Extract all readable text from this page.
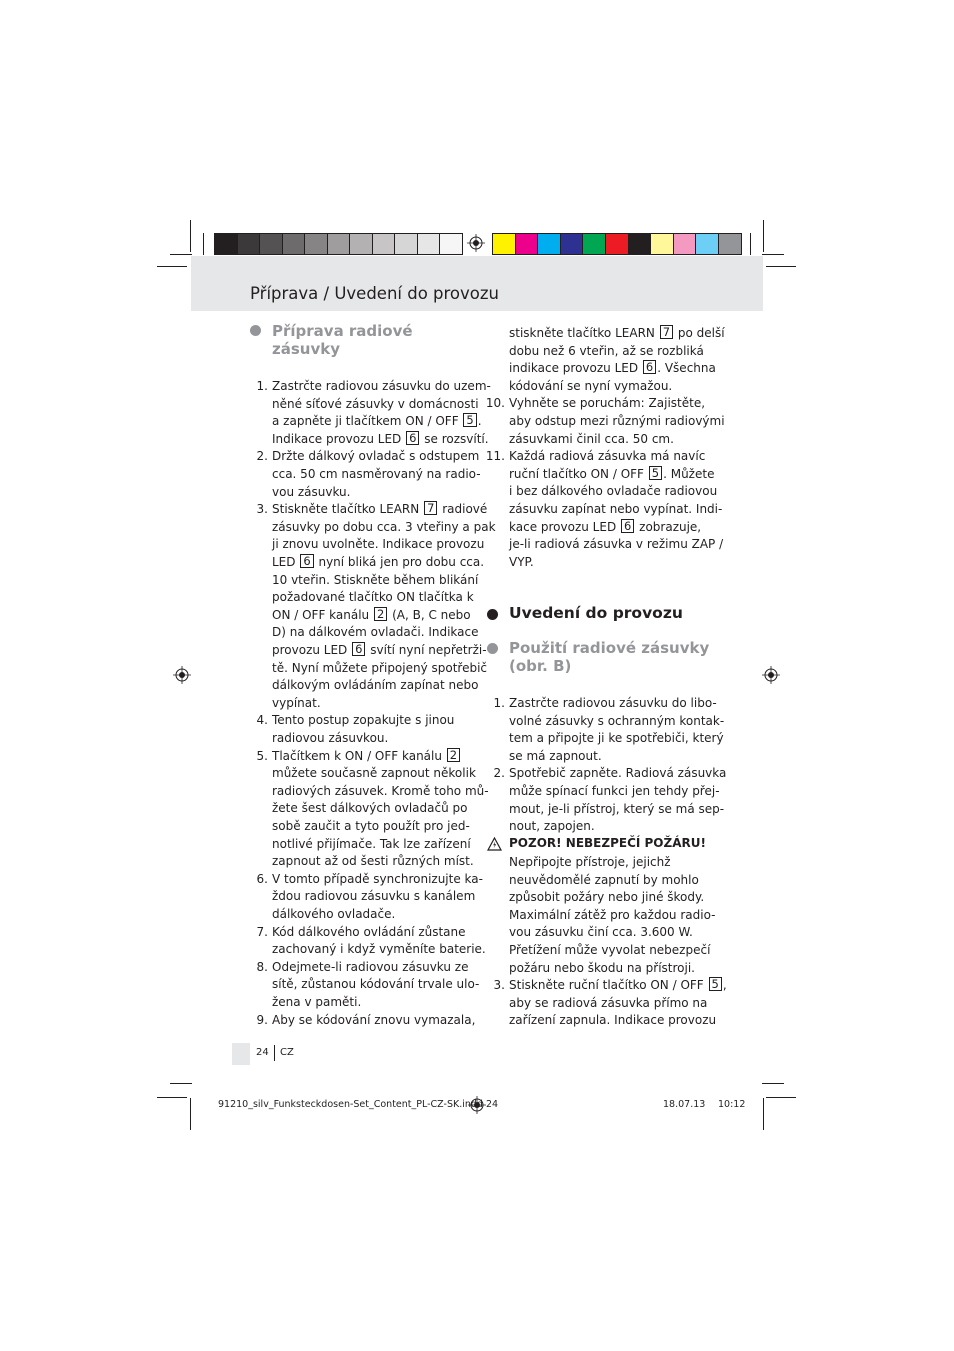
Příprava / Uvedení do provozu
Příprava radiové
zásuvky
1. Zastrčte radiovou zásuvku do uzem-
něné síťové zásuvky v domácnosti
a zapněte ji tlačítkem ON / OFF 5 .
Indikace provozu LED 6 se rozsvítí.
2. Držte dálkový ovladač s odstupem
cca. 50 cm nasměrovaný na radio-
vou zásuvku.
3. Stiskněte tlačítko LEARN 7 radiové
zásuvky po dobu cca. 3 vteřiny a pak
ji znovu uvolněte. Indikace provozu
LED 6 nyní bliká jen pro dobu cca.
10 vteřin. Stiskněte během blikání
požadované tlačítko ON tlačítka k
ON / OFF kanálu 2 (A, B, C nebo
D) na dálkovém ovladači. Indikace
provozu LED 6 svítí nyní nepřetrži-
tě. Nyní můžete připojený spotřebič
dálkovým ovládáním zapínat nebo
vypínat.
4. Tento postup zopakujte s jinou
radiovou zásuvkou.
5. Tlačítkem k ON / OFF kanálu 2
můžete současně zapnout několik
radiových zásuvek. Kromě toho mů-
žete šest dálkových ovladačů po
sobě zaučit a tyto použít pro jed-
notlivé přijímače. Tak lze zařízení
zapnout až od šesti různých míst.
6. V tomto případě synchronizujte ka-
ždou radiovou zásuvku s kanálem
dálkového ovladače.
7. Kód dálkového ovládání zůstane
zachovaný i když vyměníte baterie.
8. Odejmete-li radiovou zásuvku ze
sítě, zůstanou kódování trvale ulo-
žena v paměti.
9. Aby se kódování znovu vymazala,
stiskněte tlačítko LEARN 7 po delší
dobu než 6 vteřin, až se rozbliká
indikace provozu LED 6 . Všechna
kódování se nyní vymažou.
10. Vyhněte se poruchám: Zajistěte,
aby odstup mezi různými radiovými
zásuvkami činil cca. 50 cm.
11. Každá radiová zásuvka má navíc
ruční tlačítko ON / OFF 5 . Můžete
i bez dálkového ovladače radiovou
zásuvku zapínat nebo vypínat. Indi-
kace provozu LED 6 zobrazuje,
je-li radiová zásuvka v režimu ZAP /
VYP.
Uvedení do provozu
Použití radiové zásuvky
(obr. B)
1. Zastrčte radiovou zásuvku do libo-
volné zásuvky s ochranným kontak-
tem a připojte ji ke spotřebiči, který
se má zapnout.
2. Spotřebič zapněte. Radiová zásuvka
může spínací funkci jen tehdy přej-
mout, je-li přístroj, který se má sep-
nout, zapojen.
POZOR! NEBEZPEČÍ POŽÁRU!
Nepřipojte přístroje, jejichž
neuvědomělé zapnutí by mohlo
způsobit požáry nebo jiné škody.
Maximální zátěž pro každou radio-
vou zásuvku činí cca. 3.600 W.
Přetížení může vyvolat nebezpečí
požáru nebo škodu na přístroji.
3. Stiskněte ruční tlačítko ON / OFF 5 ,
aby se radiová zásuvka přímo na
zařízení zapnula. Indikace provozu
24 CZ
91210_silv_Funksteckdosen-Set_Content_PL-CZ-SK.indd 24	18.07.13 10:12
